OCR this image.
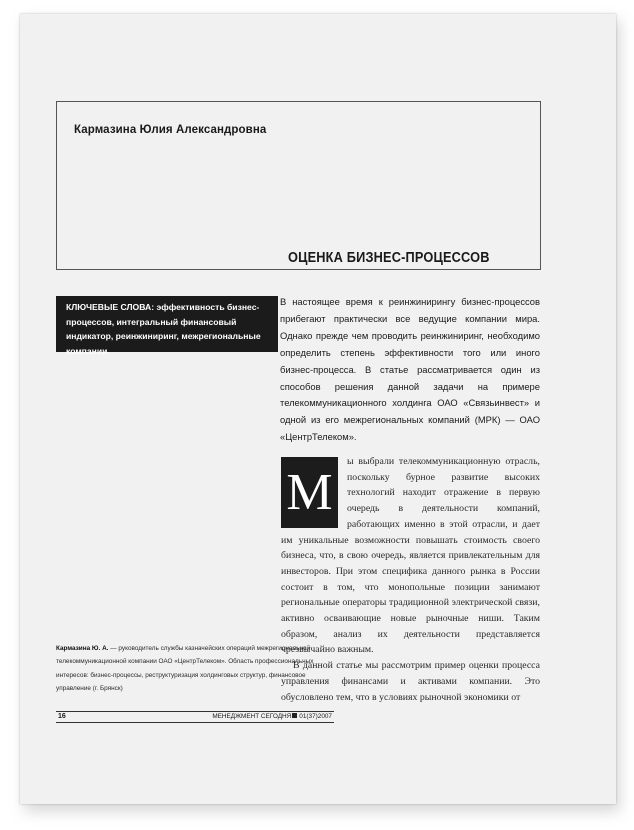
Кармазина Юлия Александровна
ОЦЕНКА БИЗНЕС-ПРОЦЕССОВ
КЛЮЧЕВЫЕ СЛОВА: эффективность бизнес-процессов, интегральный финансовый индикатор, реинжиниринг, межрегиональные компании
В настоящее время к реинжинирингу бизнес-процессов прибегают практически все ведущие компании мира. Однако прежде чем проводить реинжиниринг, необходимо определить степень эффективности того или иного бизнес-процесса. В статье рассматривается один из способов решения данной задачи на примере телекоммуникационного холдинга ОАО «Связьинвест» и одной из его межрегиональных компаний (МРК) — ОАО «ЦентрТелеком».
М

ы выбрали телекоммуникационную отрасль, поскольку бурное развитие высоких технологий находит отражение в первую очередь в деятельности компаний, работающих именно в этой отрасли, и дает им уникальные возможности повышать стоимость своего бизнеса, что, в свою очередь, является привлекательным для инвесторов. При этом специфика данного рынка в России состоит в том, что монопольные позиции занимают региональные операторы традиционной электрической связи, активно осваивающие новые рыночные ниши. Таким образом, анализ их деятельности представляется чрезвычайно важным.

В данной статье мы рассмотрим пример оценки процесса управления финансами и активами компании. Это обусловлено тем, что в условиях рыночной экономики от

Кармазина Ю. А. — руководитель службы казначейских операций межрегиональной телекоммуникационной компании ОАО «ЦентрТелеком». Область профессиональных интересов: бизнес-процессы, реструктуризация холдинговых структур, финансовое управление (г. Брянск)
16	МЕНЕДЖМЕНТ СЕГОДНЯ 01(37)2007
